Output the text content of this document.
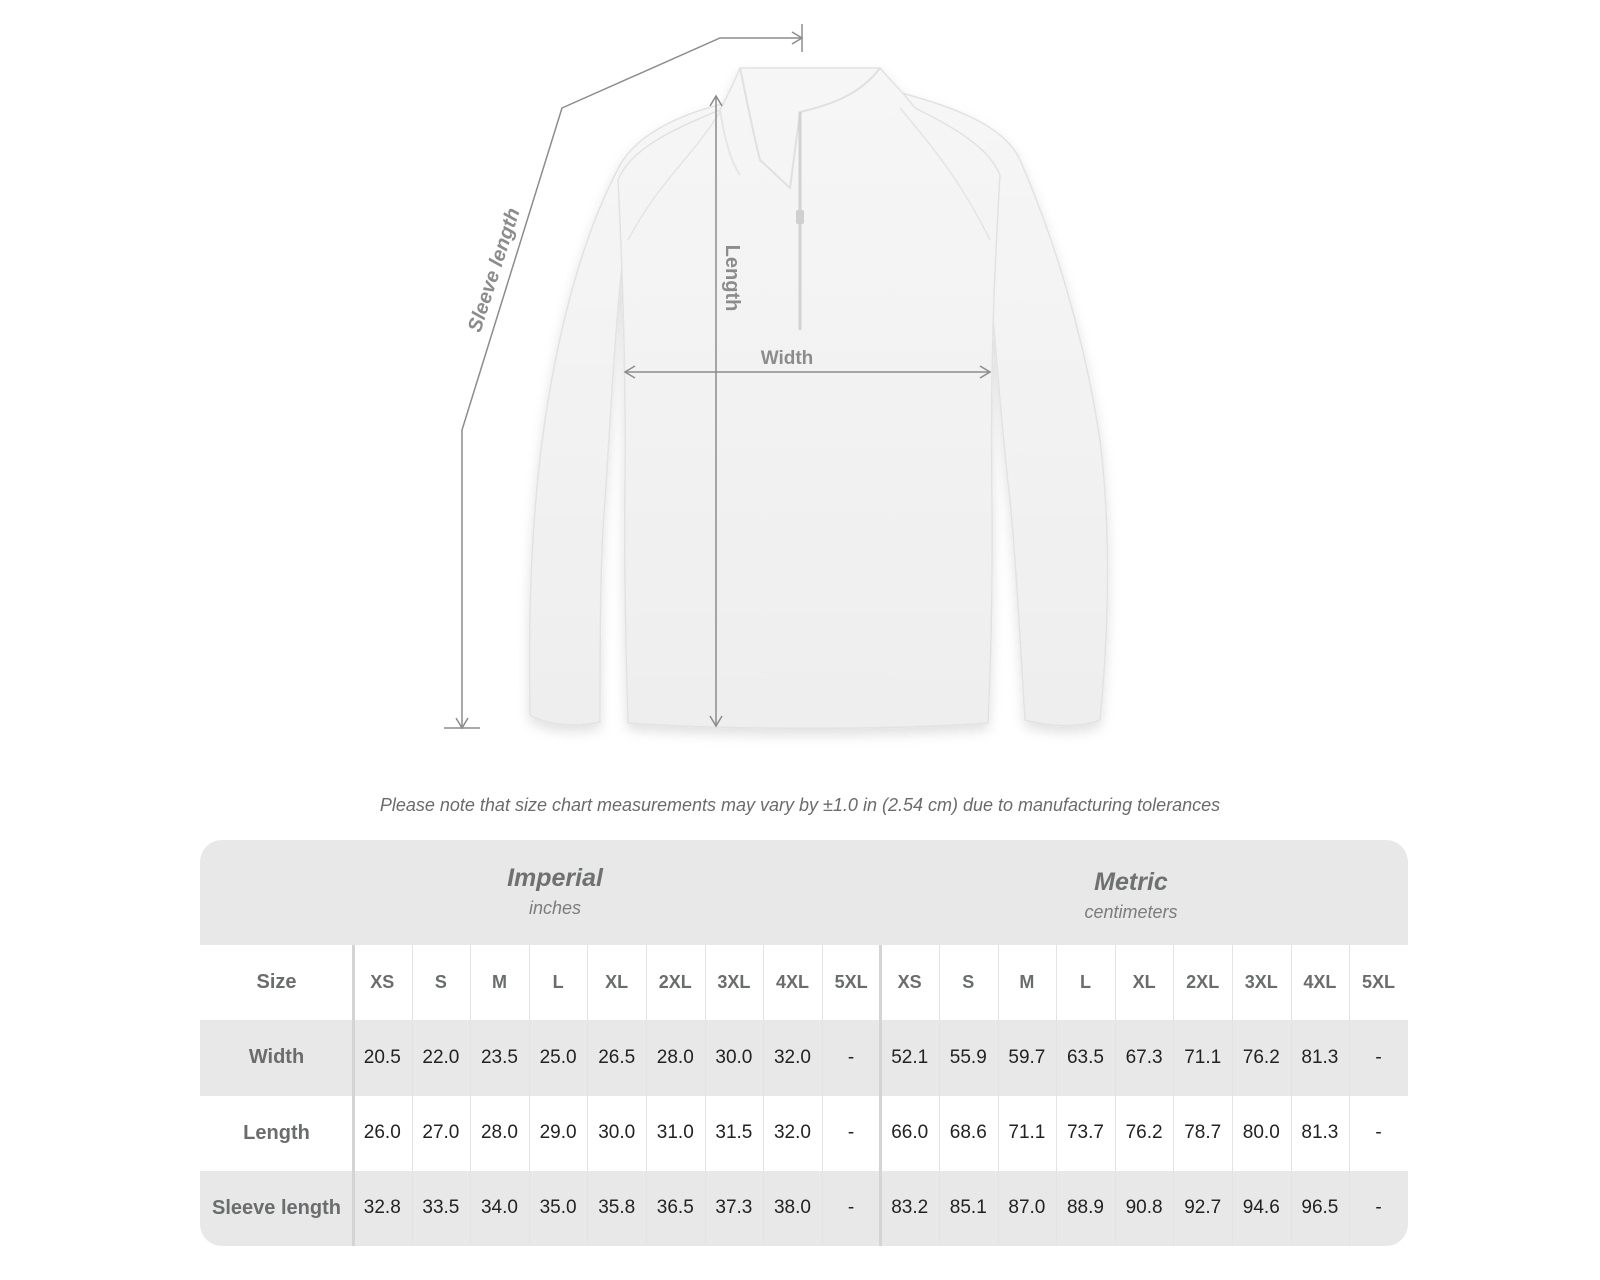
Sleeve length	Length
Width
Please note that size chart measurements may vary by ±1.0 in (2.54 cm) due to manufacturing tolerances
Imperial
inches
Metric
centimeters
Size	XS	S	M	L	XL	2XL	3XL	4XL	5XL	XS	S	M	L	XL	2XL	3XL	4XL	5XL
Width	20.5	22.0	23.5	25.0	26.5	28.0	30.0	32.0	-	52.1	55.9	59.7	63.5	67.3	71.1	76.2	81.3	-
Length	26.0	27.0	28.0	29.0	30.0	31.0	31.5	32.0	-	66.0	68.6	71.1	73.7	76.2	78.7	80.0	81.3	-
Sleeve length	32.8	33.5	34.0	35.0	35.8	36.5	37.3	38.0	-	83.2	85.1	87.0	88.9	90.8	92.7	94.6	96.5	-
